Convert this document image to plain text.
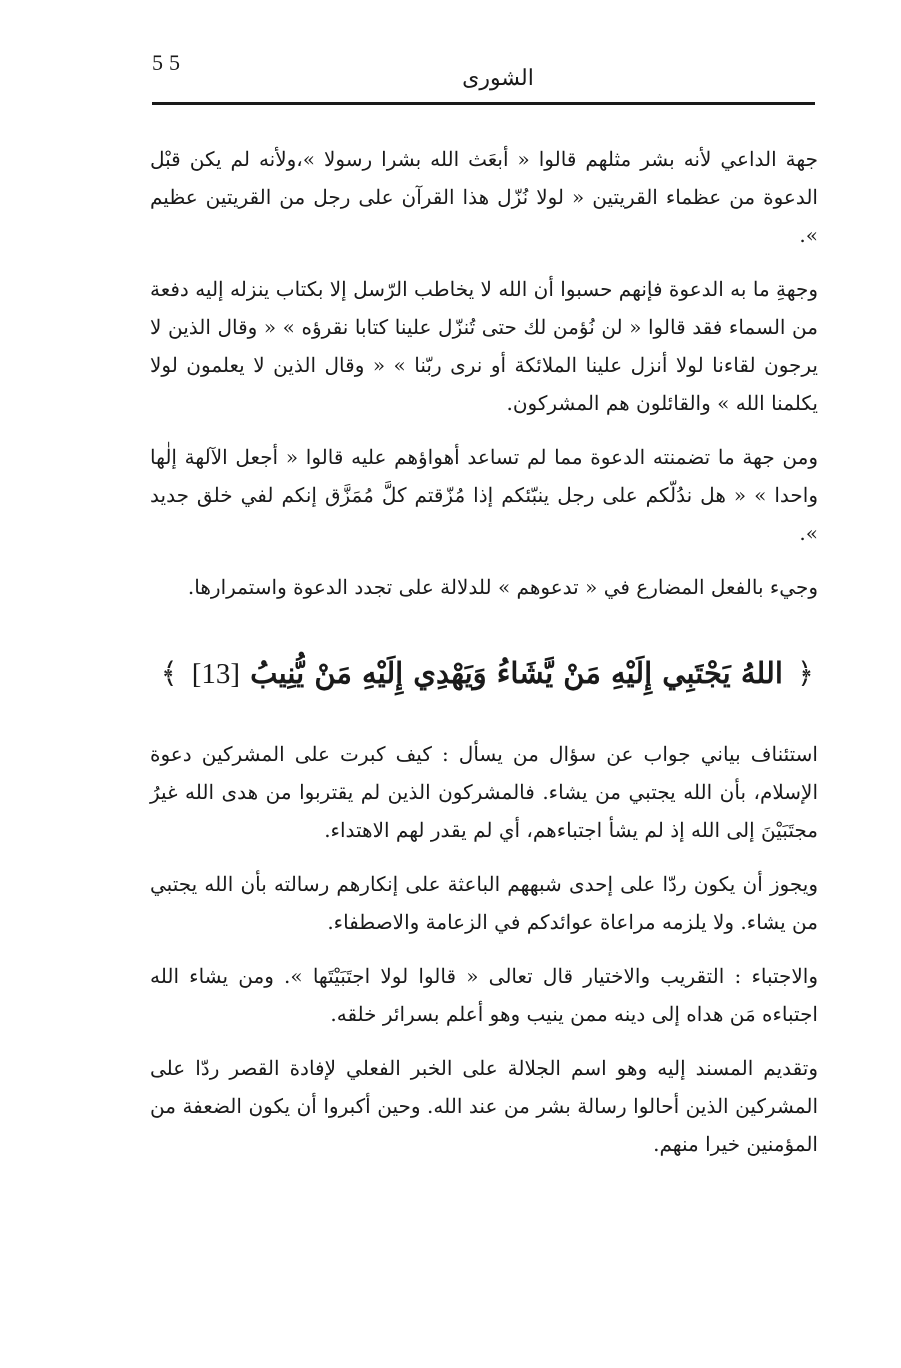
55
الشورى

جهة الداعي لأنه بشر مثلهم قالوا « أبعَث الله بشرا رسولا »،ولأنه لم يكن قبْل الدعوة من عظماء القريتين « لولا نُزّل هذا القرآن على رجل من القريتين عظيم ».

وجهةِ ما به الدعوة فإنهم حسبوا أن الله لا يخاطب الرّسل إلا بكتاب ينزله إليه دفعة من السماء فقد قالوا « لن نُؤمن لك حتى تُنزّل علينا كتابا نقرؤه » « وقال الذين لا يرجون لقاءنا لولا أنزل علينا الملائكة أو نرى ربّنا » « وقال الذين لا يعلمون لولا يكلمنا الله » والقائلون هم المشركون.

ومن جهة ما تضمنته الدعوة مما لم تساعد أهواؤهم عليه قالوا « أجعل الآلهة إلٰها واحدا » « هل ندُلّكم على رجل ينبّئكم إذا مُزّقتم كلَّ مُمَزَّق إنكم لفي خلق جديد ».

وجيء بالفعل المضارع في « تدعوهم » للدلالة على تجدد الدعوة واستمرارها.

﴿ اللهُ يَجْتَبِي إِلَيْهِ مَنْ يَّشَاءُ وَيَهْدِي إِلَيْهِ مَنْ يُّنِيبُ [13] ﴾

استئناف بياني جواب عن سؤال من يسأل : كيف كبرت على المشركين دعوة الإسلام، بأن الله يجتبي من يشاء. فالمشركون الذين لم يقتربوا من هدى الله غيرُ مجتَبَيْنَ إلى الله إذ لم يشأ اجتباءهم، أي لم يقدر لهم الاهتداء.

ويجوز أن يكون ردّا على إحدى شبههم الباعثة على إنكارهم رسالته بأن الله يجتبي من يشاء. ولا يلزمه مراعاة عوائدكم في الزعامة والاصطفاء.

والاجتباء : التقريب والاختيار قال تعالى « قالوا لولا اجتَبَيْتَها ». ومن يشاء الله اجتباءه مَن هداه إلى دينه ممن ينيب وهو أعلم بسرائر خلقه.

وتقديم المسند إليه وهو اسم الجلالة على الخبر الفعلي لإفادة القصر ردّا على المشركين الذين أحالوا رسالة بشر من عند الله. وحين أكبروا أن يكون الضعفة من المؤمنين خيرا منهم.
